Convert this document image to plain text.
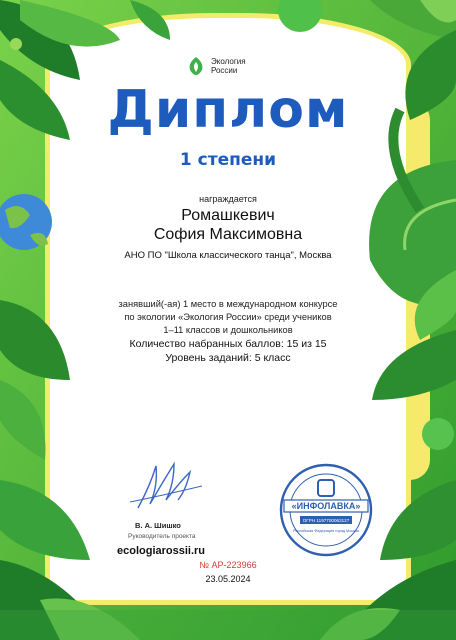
Экология
России
Диплом
1 степени
награждается
Ромашкевич
София Максимовна
АНО ПО "Школа классического танца", Москва
занявший(-ая) 1 место в международном конкурсе
по экологии «Экология России» среди учеников
1–11 классов и дошкольников
Количество набранных баллов: 15 из 15
Уровень заданий: 5 класс
В. А. Шишко
Руководитель проекта
ecologiarossii.ru
«ИНФОЛАВКА»
ОГРН 1197700063127
Российская Федерация город Москва
№ АР-223966
23.05.2024
